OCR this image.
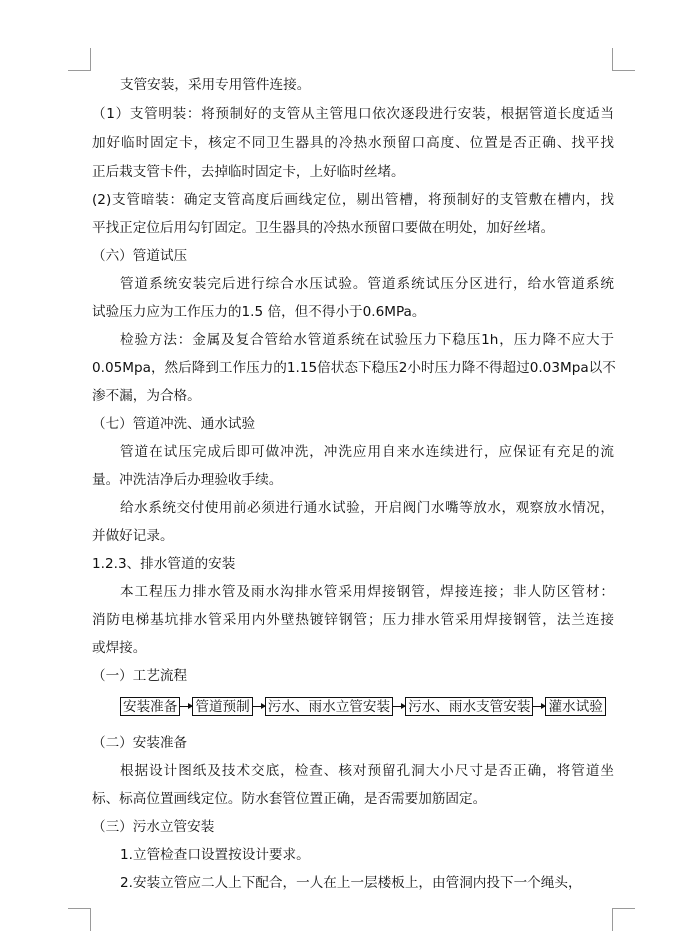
支管安装，采用专用管件连接。
（1）支管明装：将预制好的支管从主管甩口依次逐段进行安装，根据管道长度适当
加好临时固定卡，核定不同卫生器具的冷热水预留口高度、位置是否正确、找平找
正后栽支管卡件，去掉临时固定卡，上好临时丝堵。
(2)支管暗装：确定支管高度后画线定位，剔出管槽，将预制好的支管敷在槽内，找
平找正定位后用勾钉固定。卫生器具的冷热水预留口要做在明处，加好丝堵。
（六）管道试压
管道系统安装完后进行综合水压试验。管道系统试压分区进行，给水管道系统
试验压力应为工作压力的1.5 倍，但不得小于0.6MPa。
检验方法：金属及复合管给水管道系统在试验压力下稳压1h，压力降不应大于
0.05Mpa，然后降到工作压力的1.15倍状态下稳压2小时压力降不得超过0.03Mpa以不
渗不漏，为合格。
（七）管道冲洗、通水试验
管道在试压完成后即可做冲洗，冲洗应用自来水连续进行，应保证有充足的流
量。冲洗洁净后办理验收手续。
给水系统交付使用前必须进行通水试验，开启阀门水嘴等放水，观察放水情况，
并做好记录。
1.2.3、排水管道的安装
本工程压力排水管及雨水沟排水管采用焊接钢管，焊接连接；非人防区管材：
消防电梯基坑排水管采用内外壁热镀锌钢管；压力排水管采用焊接钢管，法兰连接
或焊接。
（一）工艺流程
安装准备 管道预制 污水、雨水立管安装 污水、雨水支管安装 灌水试验
（二）安装准备
根据设计图纸及技术交底，检查、核对预留孔洞大小尺寸是否正确，将管道坐
标、标高位置画线定位。防水套管位置正确，是否需要加筋固定。
（三）污水立管安装
1.立管检查口设置按设计要求。
2.安装立管应二人上下配合，一人在上一层楼板上，由管洞内投下一个绳头，
